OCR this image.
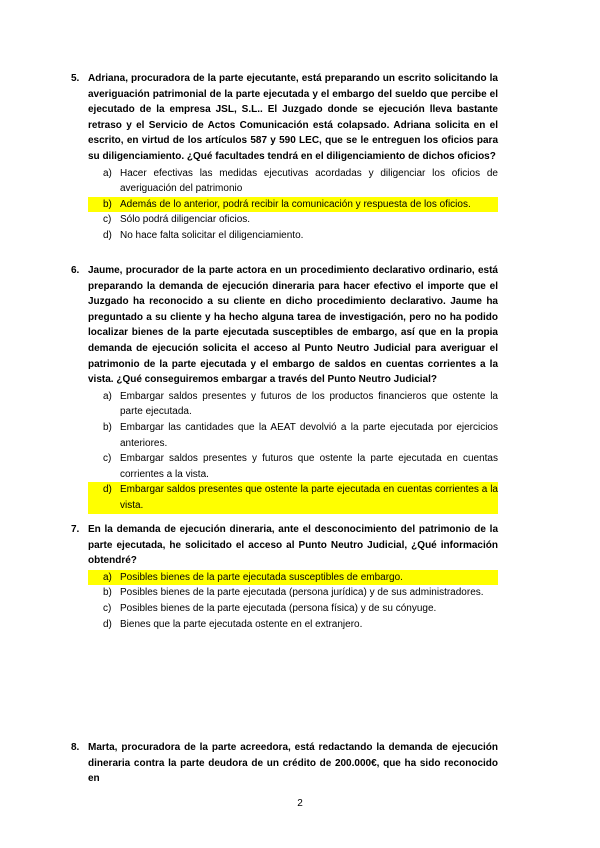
5. Adriana, procuradora de la parte ejecutante, está preparando un escrito solicitando la averiguación patrimonial de la parte ejecutada y el embargo del sueldo que percibe el ejecutado de la empresa JSL, S.L.. El Juzgado donde se ejecución lleva bastante retraso y el Servicio de Actos Comunicación está colapsado. Adriana solicita en el escrito, en virtud de los artículos 587 y 590 LEC, que se le entreguen los oficios para su diligenciamiento. ¿Qué facultades tendrá en el diligenciamiento de dichos oficios?
a) Hacer efectivas las medidas ejecutivas acordadas y diligenciar los oficios de averiguación del patrimonio
b) Además de lo anterior, podrá recibir la comunicación y respuesta de los oficios.
c) Sólo podrá diligenciar oficios.
d) No hace falta solicitar el diligenciamiento.
6. Jaume, procurador de la parte actora en un procedimiento declarativo ordinario, está preparando la demanda de ejecución dineraria para hacer efectivo el importe que el Juzgado ha reconocido a su cliente en dicho procedimiento declarativo. Jaume ha preguntado a su cliente y ha hecho alguna tarea de investigación, pero no ha podido localizar bienes de la parte ejecutada susceptibles de embargo, así que en la propia demanda de ejecución solicita el acceso al Punto Neutro Judicial para averiguar el patrimonio de la parte ejecutada y el embargo de saldos en cuentas corrientes a la vista. ¿Qué conseguiremos embargar a través del Punto Neutro Judicial?
a) Embargar saldos presentes y futuros de los productos financieros que ostente la parte ejecutada.
b) Embargar las cantidades que la AEAT devolvió a la parte ejecutada por ejercicios anteriores.
c) Embargar saldos presentes y futuros que ostente la parte ejecutada en cuentas corrientes a la vista.
d) Embargar saldos presentes que ostente la parte ejecutada en cuentas corrientes a la vista.
7. En la demanda de ejecución dineraria, ante el desconocimiento del patrimonio de la parte ejecutada, he solicitado el acceso al Punto Neutro Judicial, ¿Qué información obtendré?
a) Posibles bienes de la parte ejecutada susceptibles de embargo.
b) Posibles bienes de la parte ejecutada (persona jurídica) y de sus administradores.
c) Posibles bienes de la parte ejecutada (persona física) y de su cónyuge.
d) Bienes que la parte ejecutada ostente en el extranjero.
8. Marta, procuradora de la parte acreedora, está redactando la demanda de ejecución dineraria contra la parte deudora de un crédito de 200.000€, que ha sido reconocido en
2
